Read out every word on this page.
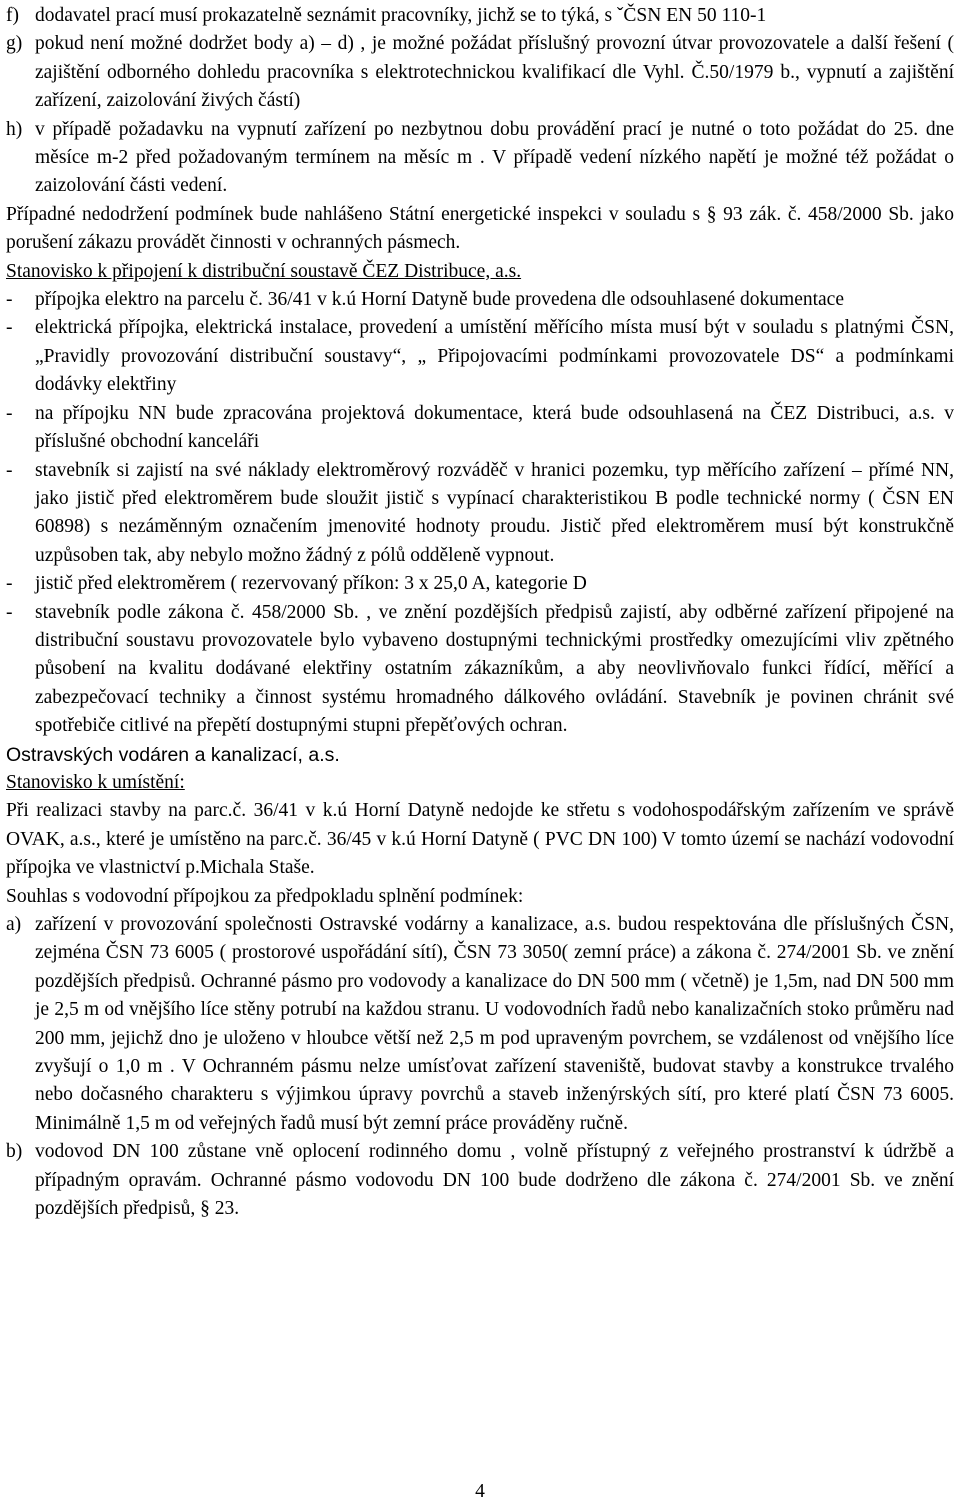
f) dodavatel prací musí prokazatelně seznámit pracovníky, jichž se to týká, s ˇČSN EN 50 110-1
g) pokud není možné dodržet body a) – d) , je možné požádat příslušný provozní útvar provozovatele a další řešení ( zajištění odborného dohledu pracovníka s elektrotechnickou kvalifikací dle Vyhl. Č.50/1979 b., vypnutí a zajištění zařízení, zaizolování živých částí)
h) v případě požadavku na vypnutí zařízení po nezbytnou dobu provádění prací je nutné o toto požádat do 25. dne měsíce m-2 před požadovaným termínem na měsíc m . V případě vedení nízkého napětí je možné též požádat o zaizolování části vedení.
Případné nedodržení podmínek bude nahlášeno Státní energetické inspekci v souladu s § 93 zák. č. 458/2000 Sb. jako porušení zákazu provádět činnosti v ochranných pásmech.
Stanovisko k připojení k distribuční soustavě ČEZ Distribuce, a.s.
-	přípojka elektro na parcelu č. 36/41 v k.ú Horní Datyně bude provedena dle odsouhlasené dokumentace
-	elektrická přípojka, elektrická instalace, provedení a umístění měřícího místa musí být v souladu s platnými ČSN, „Pravidly provozování distribuční soustavy“, „ Připojovacími podmínkami provozovatele DS“ a podmínkami dodávky elektřiny
-	na přípojku NN bude zpracována projektová dokumentace, která bude odsouhlasená na ČEZ Distribuci, a.s. v příslušné obchodní kanceláři
-	stavebník si zajistí na své náklady elektroměrový rozváděč v hranici pozemku, typ měřícího zařízení – přímé NN, jako jistič před elektroměrem bude sloužit jistič s vypínací charakteristikou B podle technické normy ( ČSN EN 60898) s nezáměnným označením jmenovité hodnoty proudu. Jistič před elektroměrem musí být konstrukčně uzpůsoben tak, aby nebylo možno žádný z pólů odděleně vypnout.
-	jistič před elektroměrem ( rezervovaný příkon: 3 x 25,0 A, kategorie D
-	stavebník podle zákona č. 458/2000 Sb. , ve znění pozdějších předpisů zajistí, aby odběrné zařízení připojené na distribuční soustavu provozovatele bylo vybaveno dostupnými technickými prostředky omezujícími vliv zpětného působení na kvalitu dodávané elektřiny ostatním zákazníkům, a aby neovlivňovalo funkci řídící, měřící a zabezpečovací techniky a činnost systému hromadného dálkového ovládání. Stavebník je povinen chránit své spotřebiče citlivé na přepětí dostupnými stupni přepěťových ochran.
Ostravských vodáren a kanalizací, a.s.
Stanovisko k umístění:
Při realizaci stavby na parc.č. 36/41 v k.ú Horní Datyně nedojde ke střetu s vodohospodářským zařízením ve správě OVAK, a.s., které je umístěno na parc.č. 36/45 v k.ú Horní Datyně ( PVC DN 100) V tomto území se nachází vodovodní přípojka ve vlastnictví p.Michala Staše.
Souhlas s vodovodní přípojkou za předpokladu splnění podmínek:
a) zařízení v provozování společnosti Ostravské vodárny a kanalizace, a.s. budou respektována dle příslušných ČSN, zejména ČSN 73 6005 ( prostorové uspořádání sítí), ČSN 73 3050( zemní práce) a zákona č. 274/2001 Sb. ve znění pozdějších předpisů. Ochranné pásmo pro vodovody a kanalizace do DN 500 mm ( včetně) je 1,5m, nad DN 500 mm je 2,5 m od vnějšího líce stěny potrubí na každou stranu. U vodovodních řadů nebo kanalizačních stoko průměru nad 200 mm, jejichž dno je uloženo v hloubce větší než 2,5 m pod upraveným povrchem, se vzdálenost od vnějšího líce zvyšují o 1,0 m . V Ochranném pásmu nelze umísťovat zařízení staveniště, budovat stavby a konstrukce trvalého nebo dočasného charakteru s výjimkou úpravy povrchů a staveb inženýrských sítí, pro které platí ČSN 73 6005. Minimálně 1,5 m od veřejných řadů musí být zemní práce prováděny ručně.
b) vodovod DN 100 zůstane vně oplocení rodinného domu , volně přístupný z veřejného prostranství k údržbě a případným opravám. Ochranné pásmo vodovodu DN 100 bude dodrženo dle zákona č. 274/2001 Sb. ve znění pozdějších předpisů, § 23.
4
